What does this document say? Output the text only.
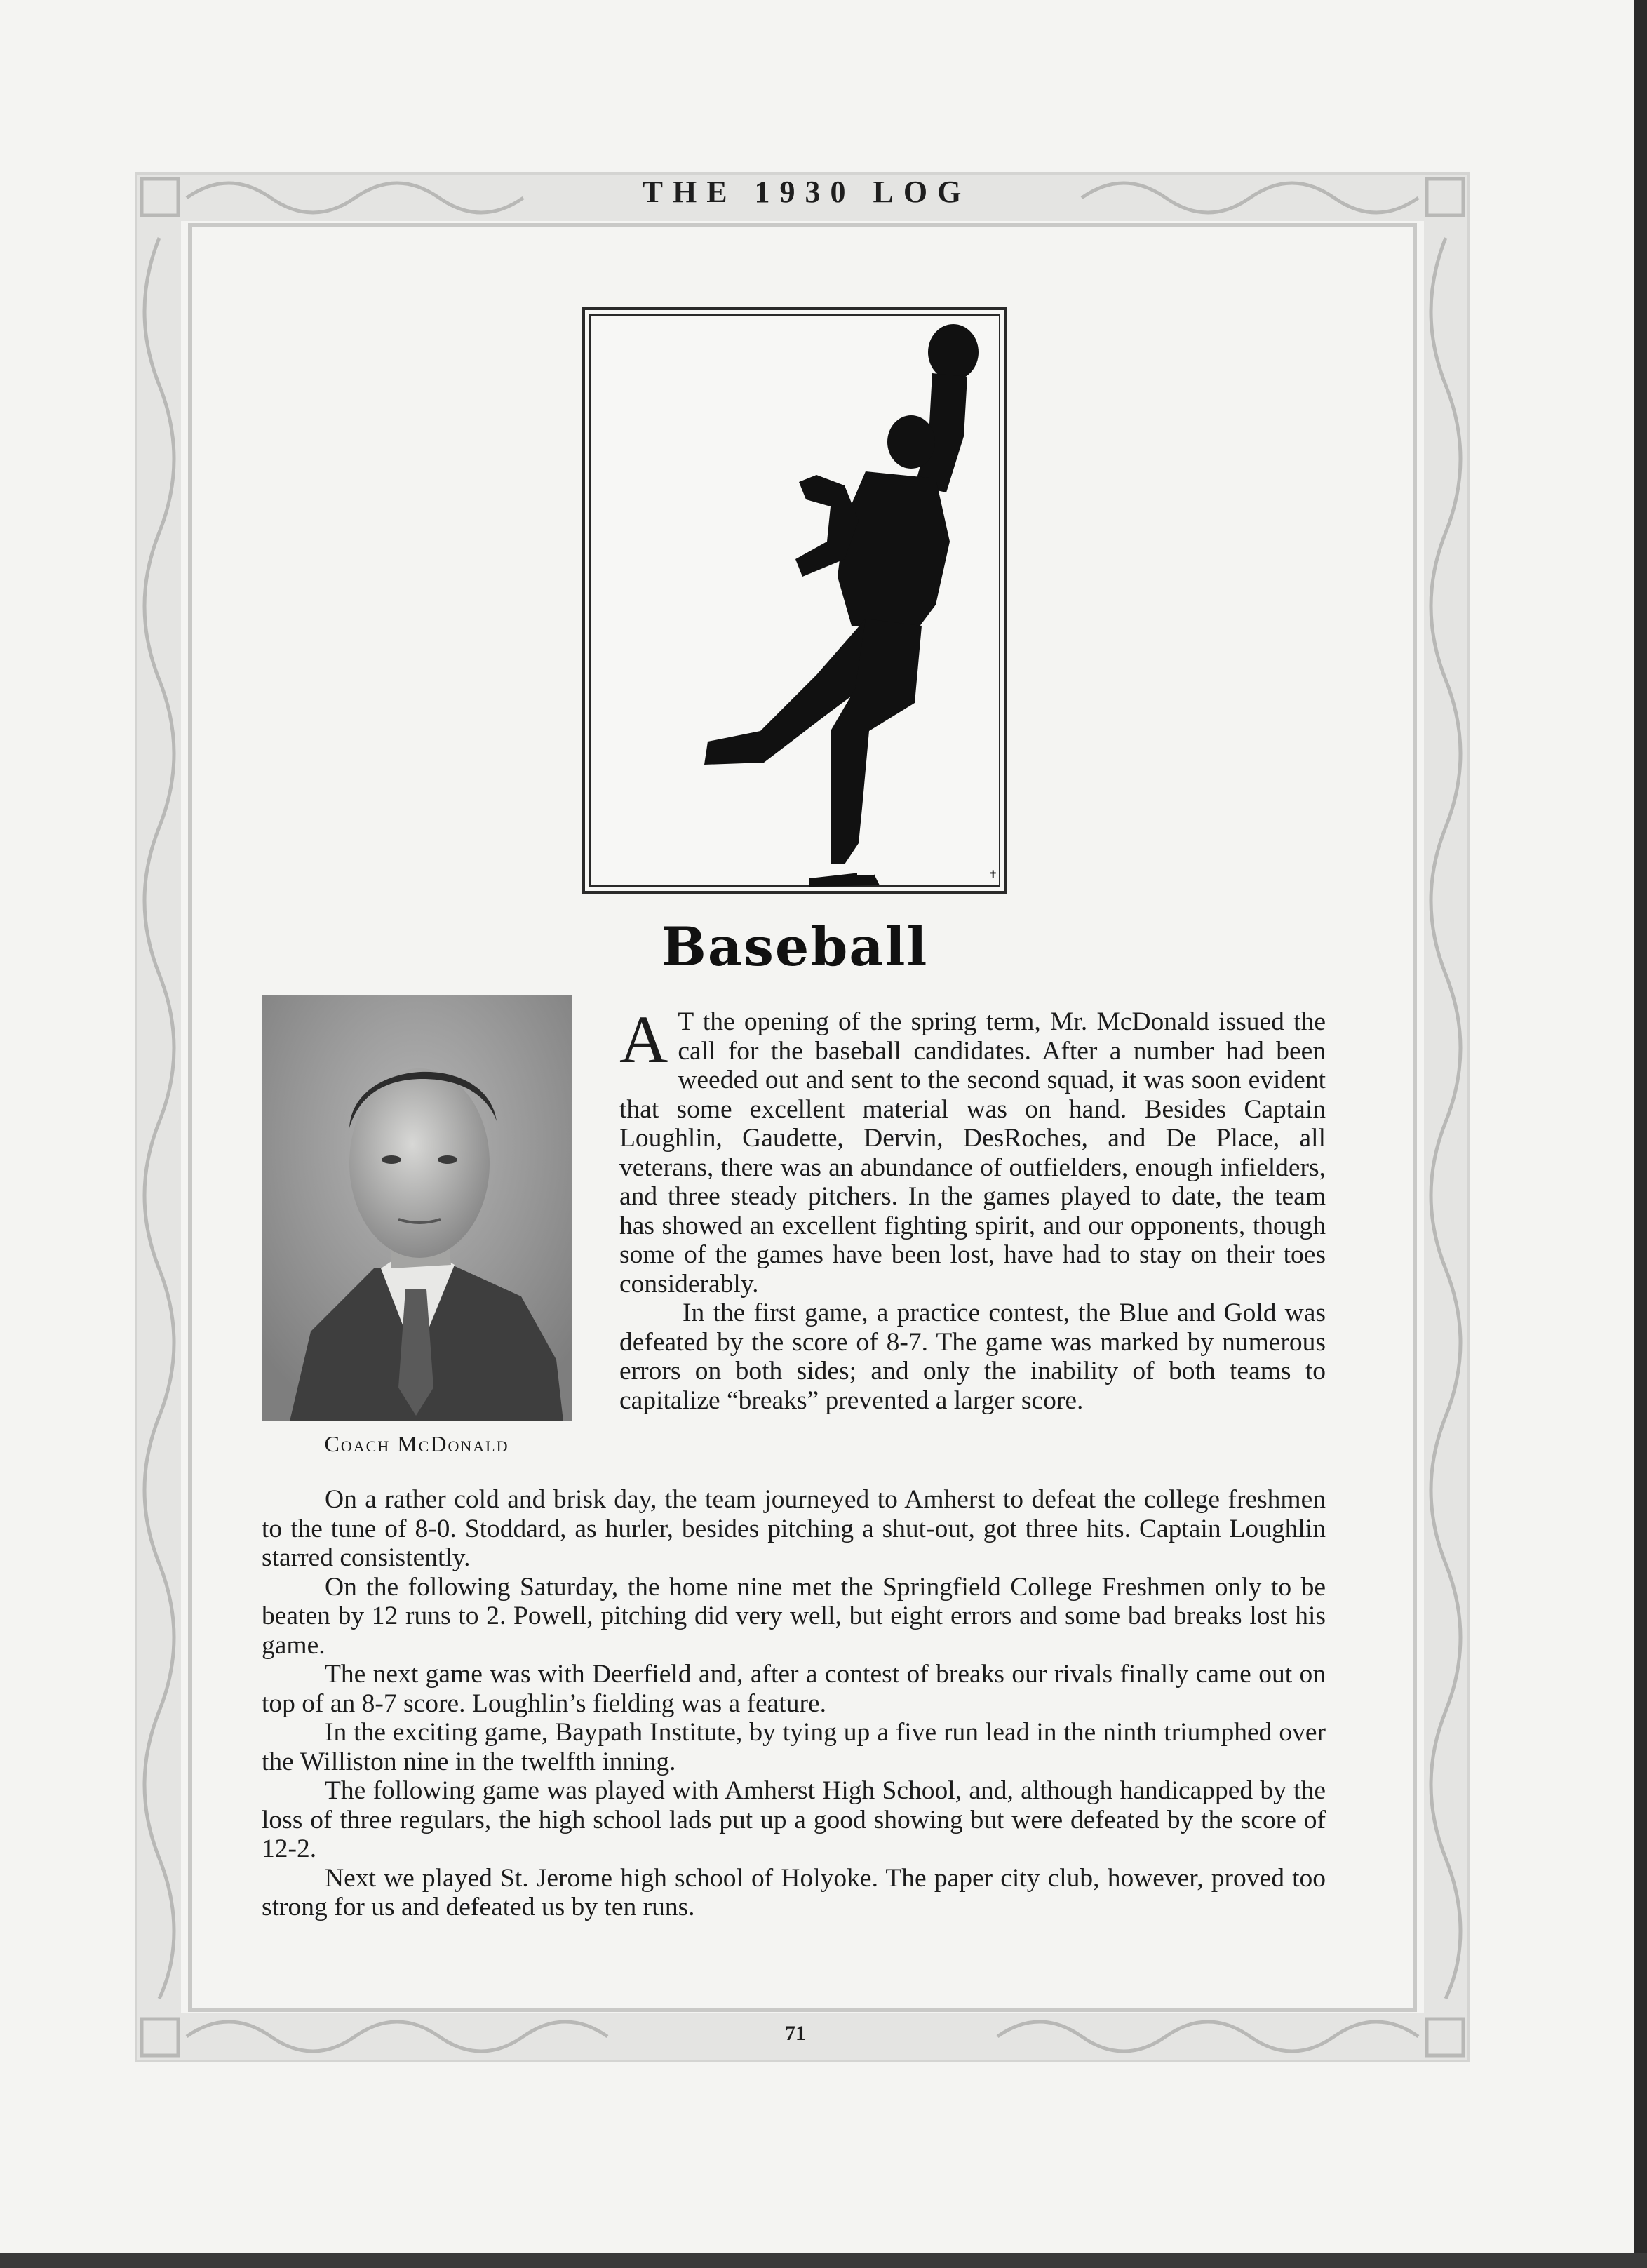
THE 1930 LOG
✝
Baseball
Coach McDonald

A T the opening of the spring term, Mr. McDonald issued the call for the baseball candidates. After a number had been weeded out and sent to the second squad, it was soon evident that some excellent material was on hand. Besides Captain Loughlin, Gaudette, Dervin, DesRoches, and De Place, all veterans, there was an abundance of outfielders, enough infielders, and three steady pitchers. In the games played to date, the team has showed an excellent fighting spirit, and our opponents, though some of the games have been lost, have had to stay on their toes considerably.

In the first game, a practice contest, the Blue and Gold was defeated by the score of 8-7. The game was marked by numerous errors on both sides; and only the inability of both teams to capitalize “breaks” prevented a larger score.

On a rather cold and brisk day, the team journeyed to Amherst to defeat the college freshmen to the tune of 8-0. Stoddard, as hurler, besides pitching a shut-out, got three hits. Captain Loughlin starred consistently.

On the following Saturday, the home nine met the Springfield College Freshmen only to be beaten by 12 runs to 2. Powell, pitching did very well, but eight errors and some bad breaks lost his game.

The next game was with Deerfield and, after a contest of breaks our rivals finally came out on top of an 8-7 score. Loughlin’s fielding was a feature.

In the exciting game, Baypath Institute, by tying up a five run lead in the ninth triumphed over the Williston nine in the twelfth inning.

The following game was played with Amherst High School, and, although handicapped by the loss of three regulars, the high school lads put up a good showing but were defeated by the score of 12-2.

Next we played St. Jerome high school of Holyoke. The paper city club, however, proved too strong for us and defeated us by ten runs.

71
